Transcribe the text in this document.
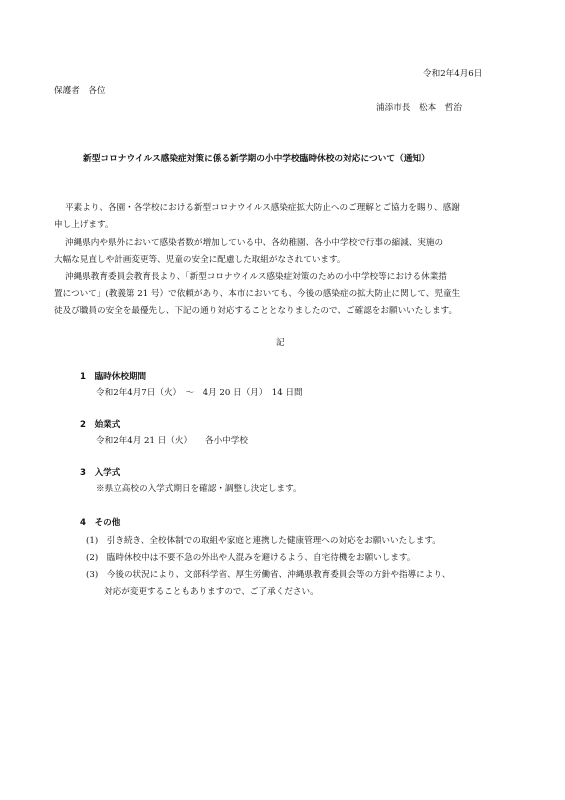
令和2年4月6日
保護者　各位
浦添市長　松本　哲治
新型コロナウイルス感染症対策に係る新学期の小中学校臨時休校の対応について（通知）
平素より、各園・各学校における新型コロナウイルス感染症拡大防止へのご理解とご協力を賜り、感謝
申し上げます。
沖縄県内や県外において感染者数が増加している中、各幼稚園、各小中学校で行事の縮減、実施の
大幅な見直しや計画変更等、児童の安全に配慮した取組がなされています。
沖縄県教育委員会教育長より、「新型コロナウイルス感染症対策のための小中学校等における休業措
置について」(教義第 21 号）で依頼があり、本市においても、今後の感染症の拡大防止に関して、児童生
徒及び職員の安全を最優先し、下記の通り対応することとなりましたので、ご確認をお願いいたします。
記
1　臨時休校期間
令和2年4月7日（火）　～　4月 20 日（月）　14 日間
2　始業式
令和2年4月 21 日（火）　　各小中学校
3　入学式
※県立高校の入学式期日を確認・調整し決定します。
4　その他
(1)　引き続き、全校体制での取組や家庭と連携した健康管理への対応をお願いいたします。
(2)　臨時休校中は不要不急の外出や人混みを避けるよう、自宅待機をお願いします。
(3)　今後の状況により、文部科学省、厚生労働省、沖縄県教育委員会等の方針や指導により、
対応が変更することもありますので、ご了承ください。
